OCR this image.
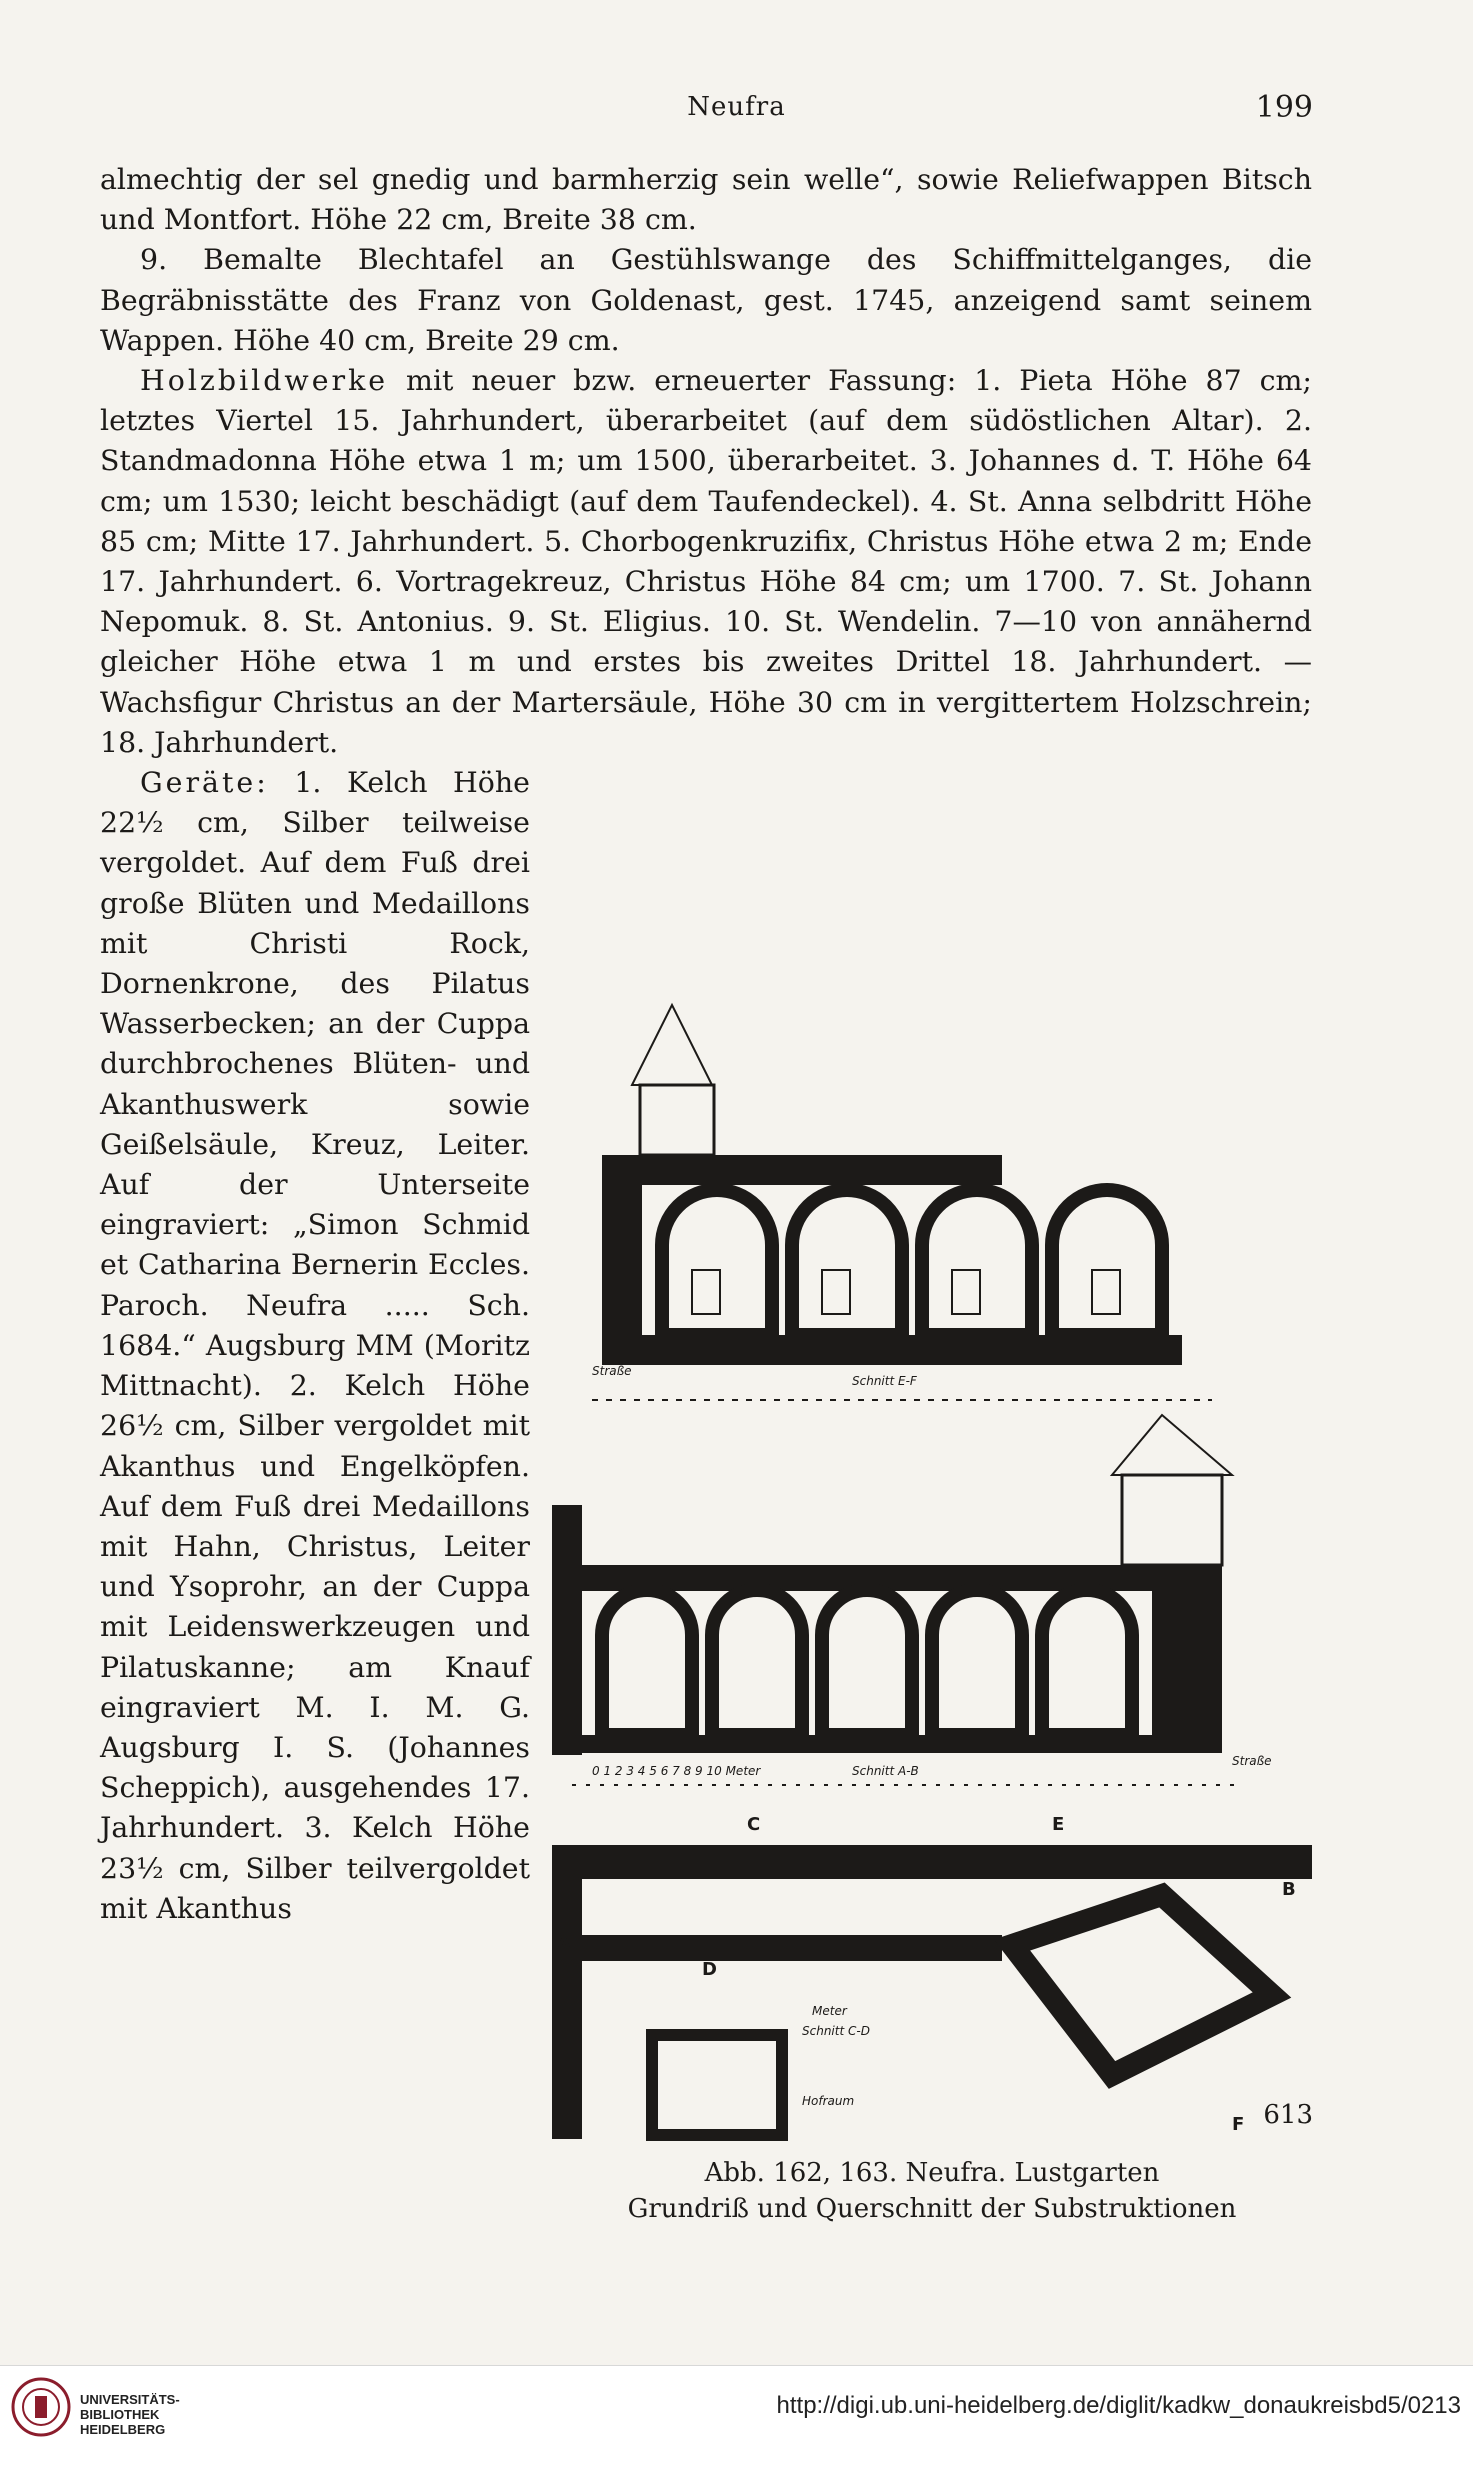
Neufra	199

almechtig der sel gnedig und barmherzig sein welle“, sowie Reliefwappen Bitsch und Montfort. Höhe 22 cm, Breite 38 cm.

9. Bemalte Blechtafel an Gestühlswange des Schiffmittelganges, die Begräbnisstätte des Franz von Goldenast, gest. 1745, anzeigend samt seinem Wappen. Höhe 40 cm, Breite 29 cm.

Holzbildwerke mit neuer bzw. erneuerter Fassung: 1. Pieta Höhe 87 cm; letztes Viertel 15. Jahrhundert, überarbeitet (auf dem südöstlichen Altar). 2. Standmadonna Höhe etwa 1 m; um 1500, überarbeitet. 3. Johannes d. T. Höhe 64 cm; um 1530; leicht beschädigt (auf dem Taufendeckel). 4. St. Anna selbdritt Höhe 85 cm; Mitte 17. Jahrhundert. 5. Chorbogenkruzifix, Christus Höhe etwa 2 m; Ende 17. Jahrhundert. 6. Vortragekreuz, Christus Höhe 84 cm; um 1700. 7. St. Johann Nepomuk. 8. St. Antonius. 9. St. Eligius. 10. St. Wendelin. 7—10 von annähernd gleicher Höhe etwa 1 m und erstes bis zweites Drittel 18. Jahrhundert. — Wachsfigur Christus an der Martersäule, Höhe 30 cm in vergittertem Holzschrein; 18. Jahrhundert.

Straße
Schnitt E-F
0 1 2 3 4 5 6 7 8 9 10 Meter	Schnitt A-B
Straße
Meter
Schnitt C-D
Hofraum
C	E
B
A
D
F
Abb. 162, 163. Neufra. Lustgarten
Grundriß und Querschnitt der Substruktionen

Geräte: 1. Kelch Höhe 22½ cm, Silber teilweise vergoldet. Auf dem Fuß drei große Blüten und Medaillons mit Christi Rock, Dornenkrone, des Pilatus Wasserbecken; an der Cuppa durchbrochenes Blüten- und Akanthuswerk sowie Geißelsäule, Kreuz, Leiter. Auf der Unterseite eingraviert: „Simon Schmid et Catharina Bernerin Eccles. Paroch. Neufra ..... Sch. 1684.“ Augsburg MM (Moritz Mittnacht). 2. Kelch Höhe 26½ cm, Silber vergoldet mit Akanthus und Engelköpfen. Auf dem Fuß drei Medaillons mit Hahn, Christus, Leiter und Ysoprohr, an der Cuppa mit Leidenswerkzeugen und Pilatuskanne; am Knauf eingraviert M. I. M. G. Augsburg I. S. (Johannes Scheppich), ausgehendes 17. Jahrhundert. 3. Kelch Höhe 23½ cm, Silber teilvergoldet mit Akanthus

613
UNIVERSITÄTS-
BIBLIOTHEK
HEIDELBERG
http://digi.ub.uni-heidelberg.de/diglit/kadkw_donaukreisbd5/0213
